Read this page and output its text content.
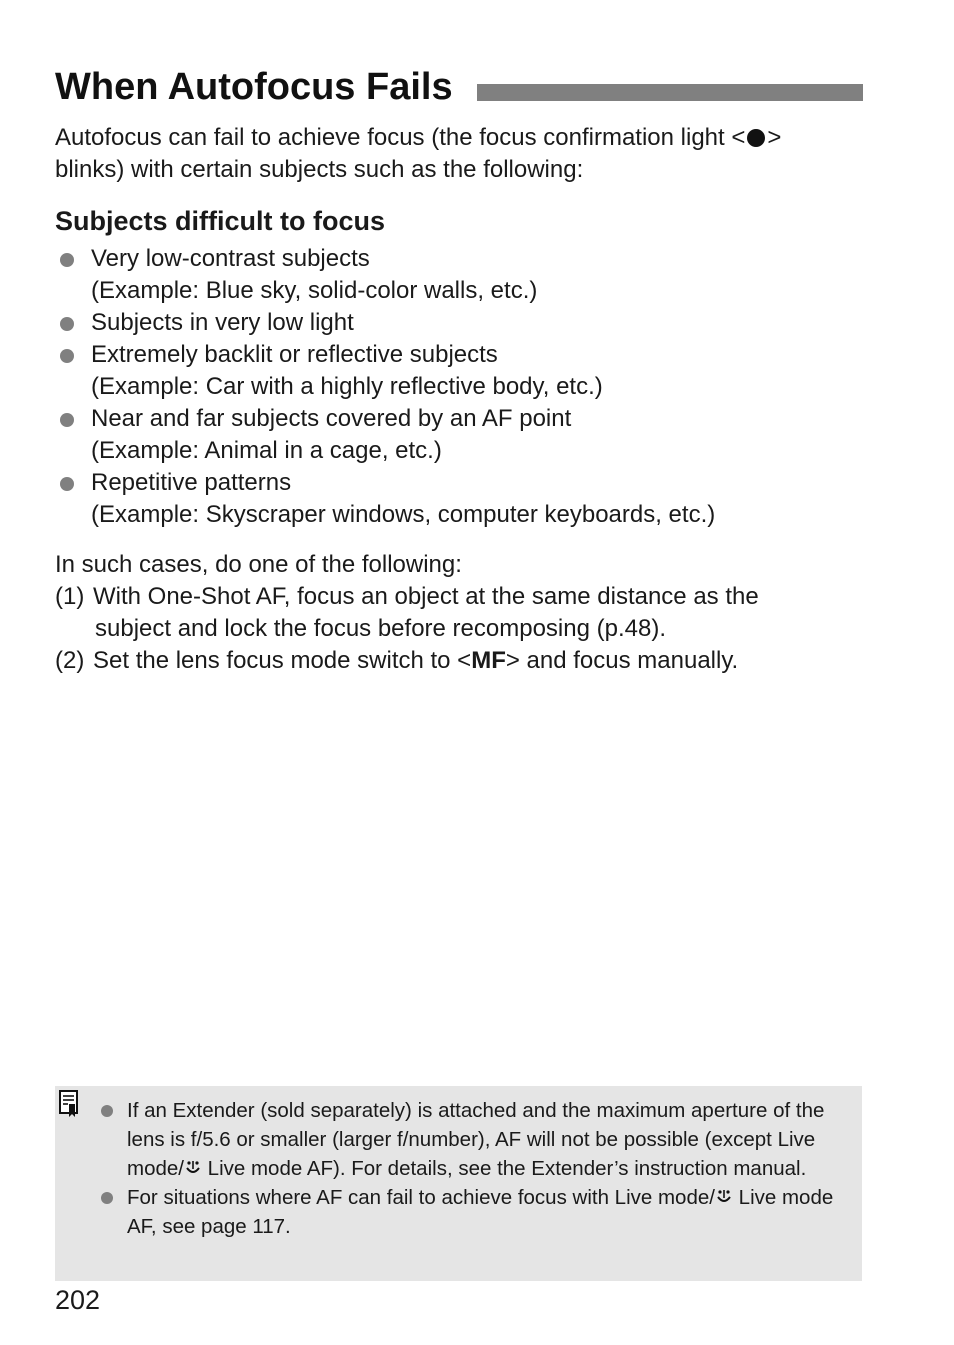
When Autofocus Fails
Autofocus can fail to achieve focus (the focus confirmation light < >
blinks) with certain subjects such as the following:
Subjects difficult to focus
Very low-contrast subjects
(Example: Blue sky, solid-color walls, etc.)
Subjects in very low light
Extremely backlit or reflective subjects
(Example: Car with a highly reflective body, etc.)
Near and far subjects covered by an AF point
(Example: Animal in a cage, etc.)
Repetitive patterns
(Example: Skyscraper windows, computer keyboards, etc.)
In such cases, do one of the following:
(1) With One-Shot AF, focus an object at the same distance as the
subject and lock the focus before recomposing (p.48).
(2) Set the lens focus mode switch to <MF> and focus manually.
If an Extender (sold separately) is attached and the maximum aperture of the lens is f/5.6 or smaller (larger f/number), AF will not be possible (except Live mode/ Live mode AF). For details, see the Extender’s instruction manual.
For situations where AF can fail to achieve focus with Live mode/ Live mode AF, see page 117.
202
